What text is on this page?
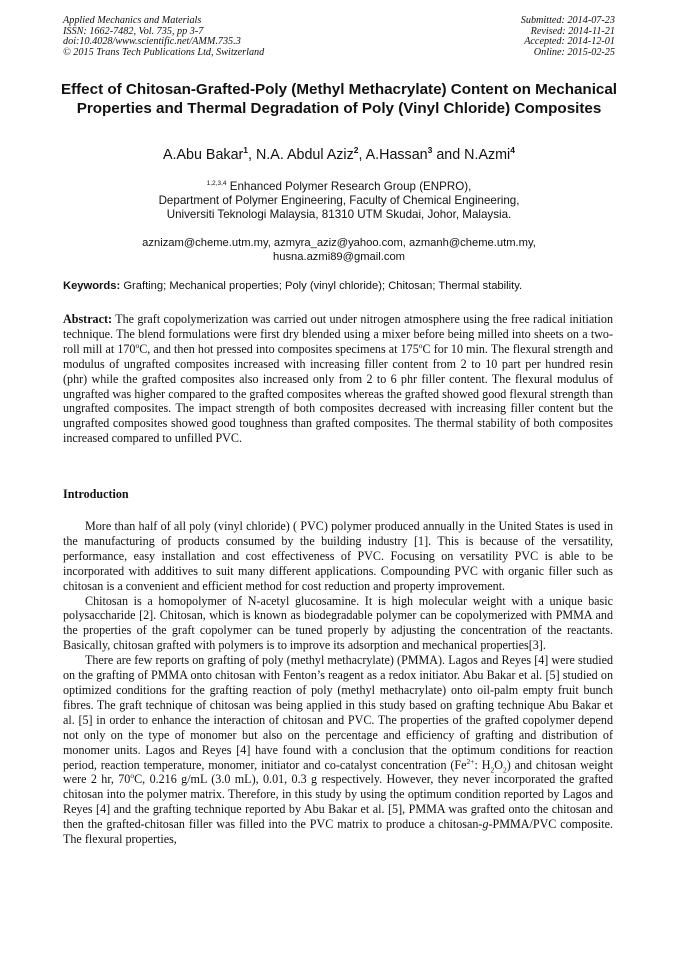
Applied Mechanics and Materials
ISSN: 1662-7482, Vol. 735, pp 3-7
doi:10.4028/www.scientific.net/AMM.735.3
© 2015 Trans Tech Publications Ltd, Switzerland
Submitted: 2014-07-23
Revised: 2014-11-21
Accepted: 2014-12-01
Online: 2015-02-25
Effect of Chitosan-Grafted-Poly (Methyl Methacrylate) Content on Mechanical Properties and Thermal Degradation of Poly (Vinyl Chloride) Composites
A.Abu Bakar$^1$, N.A. Abdul Aziz$^2$, A.Hassan$^3$ and N.Azmi$^4$
$^{1,2,3,4}$ Enhanced Polymer Research Group (ENPRO),
Department of Polymer Engineering, Faculty of Chemical Engineering,
Universiti Teknologi Malaysia, 81310 UTM Skudai, Johor, Malaysia.
aznizam@cheme.utm.my, azmyra_aziz@yahoo.com, azmanh@cheme.utm.my,
husna.azmi89@gmail.com
Keywords: Grafting; Mechanical properties; Poly (vinyl chloride); Chitosan; Thermal stability.
Abstract: The graft copolymerization was carried out under nitrogen atmosphere using the free radical initiation technique. The blend formulations were first dry blended using a mixer before being milled into sheets on a two-roll mill at 170$^o$C, and then hot pressed into composites specimens at 175$^o$C for 10 min. The flexural strength and modulus of ungrafted composites increased with increasing filler content from 2 to 10 part per hundred resin (phr) while the grafted composites also increased only from 2 to 6 phr filler content. The flexural modulus of ungrafted was higher compared to the grafted composites whereas the grafted showed good flexural strength than ungrafted composites. The impact strength of both composites decreased with increasing filler content but the ungrafted composites showed good toughness than grafted composites. The thermal stability of both composites increased compared to unfilled PVC.
Introduction

More than half of all poly (vinyl chloride) ( PVC) polymer produced annually in the United States is used in the manufacturing of products consumed by the building industry [1]. This is because of the versatility, performance, easy installation and cost effectiveness of PVC. Focusing on versatility PVC is able to be incorporated with additives to suit many different applications. Compounding PVC with organic filler such as chitosan is a convenient and efficient method for cost reduction and property improvement.

Chitosan is a homopolymer of N-acetyl glucosamine. It is high molecular weight with a unique basic polysaccharide [2]. Chitosan, which is known as biodegradable polymer can be copolymerized with PMMA and the properties of the graft copolymer can be tuned properly by adjusting the concentration of the reactants. Basically, chitosan grafted with polymers is to improve its adsorption and mechanical properties[3].

There are few reports on grafting of poly (methyl methacrylate) (PMMA). Lagos and Reyes [4] were studied on the grafting of PMMA onto chitosan with Fenton’s reagent as a redox initiator. Abu Bakar et al. [5] studied on optimized conditions for the grafting reaction of poly (methyl methacrylate) onto oil-palm empty fruit bunch fibres. The graft technique of chitosan was being applied in this study based on grafting technique Abu Bakar et al. [5] in order to enhance the interaction of chitosan and PVC. The properties of the grafted copolymer depend not only on the type of monomer but also on the percentage and efficiency of grafting and distribution of monomer units. Lagos and Reyes [4] have found with a conclusion that the optimum conditions for reaction period, reaction temperature, monomer, initiator and co-catalyst concentration ($Fe^{2+}$: $H_2O_2$) and chitosan weight were 2 hr, 70$^o$C, 0.216 g/mL (3.0 mL), 0.01, 0.3 g respectively. However, they never incorporated the grafted chitosan into the polymer matrix. Therefore, in this study by using the optimum condition reported by Lagos and Reyes [4] and the grafting technique reported by Abu Bakar et al. [5], PMMA was grafted onto the chitosan and then the grafted-chitosan filler was filled into the PVC matrix to produce a chitosan-g-PMMA/PVC composite. The flexural properties,
